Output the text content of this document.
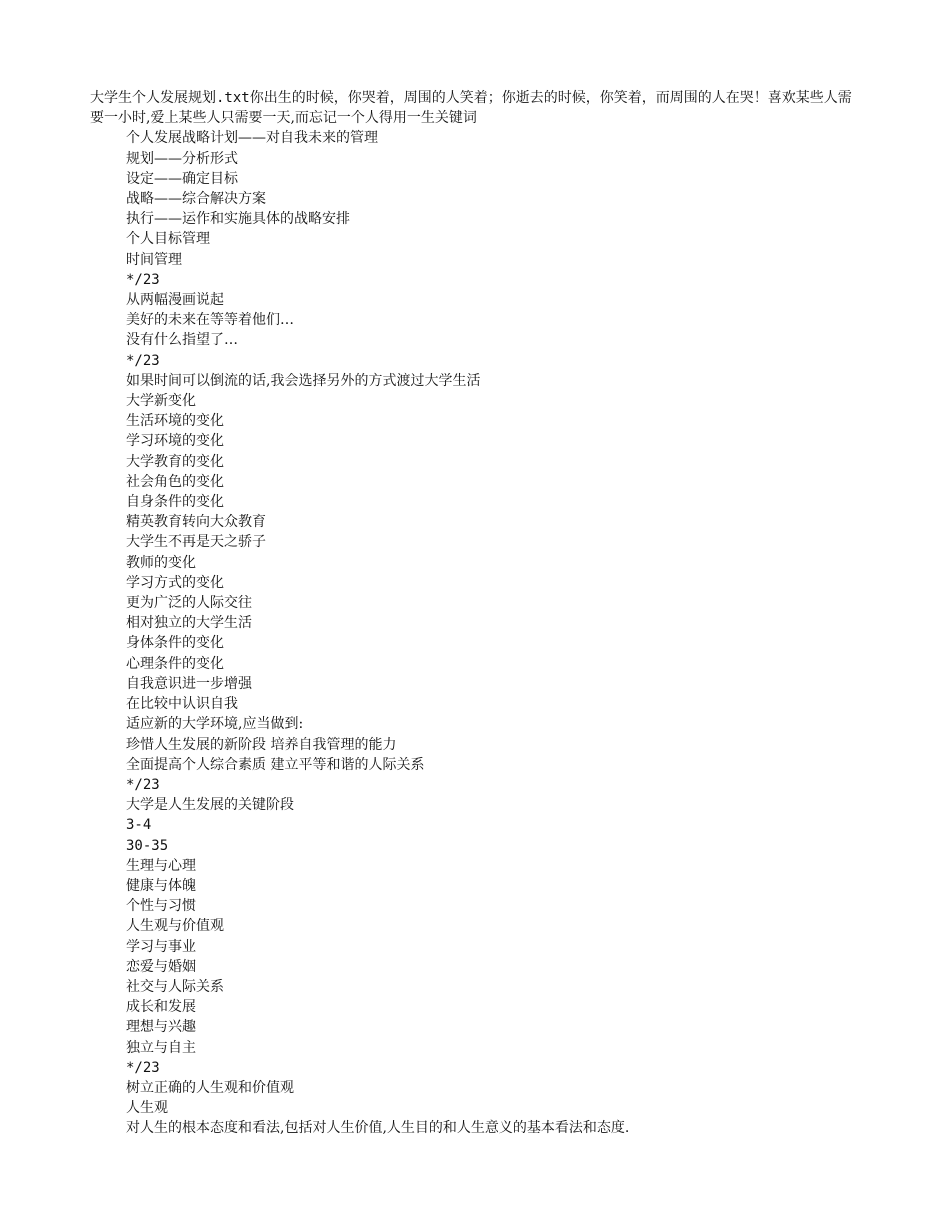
大学生个人发展规划.txt你出生的时候，你哭着，周围的人笑着；你逝去的时候，你笑着，而周围的人在哭！喜欢某些人需要一小时,爱上某些人只需要一天,而忘记一个人得用一生关键词

个人发展战略计划——对自我未来的管理
规划——分析形式
设定——确定目标
战略——综合解决方案
执行——运作和实施具体的战略安排
个人目标管理
时间管理
*/23
从两幅漫画说起
美好的未来在等等着他们…
没有什么指望了…
*/23
如果时间可以倒流的话,我会选择另外的方式渡过大学生活
大学新变化
生活环境的变化
学习环境的变化
大学教育的变化
社会角色的变化
自身条件的变化
精英教育转向大众教育
大学生不再是天之骄子
教师的变化
学习方式的变化
更为广泛的人际交往
相对独立的大学生活
身体条件的变化
心理条件的变化
自我意识进一步增强
在比较中认识自我
适应新的大学环境,应当做到:
珍惜人生发展的新阶段 培养自我管理的能力
全面提高个人综合素质 建立平等和谐的人际关系
*/23
大学是人生发展的关键阶段
3-4
30-35
生理与心理
健康与体魄
个性与习惯
人生观与价值观
学习与事业
恋爱与婚姻
社交与人际关系
成长和发展
理想与兴趣
独立与自主
*/23
树立正确的人生观和价值观
人生观
对人生的根本态度和看法,包括对人生价值,人生目的和人生意义的基本看法和态度.
